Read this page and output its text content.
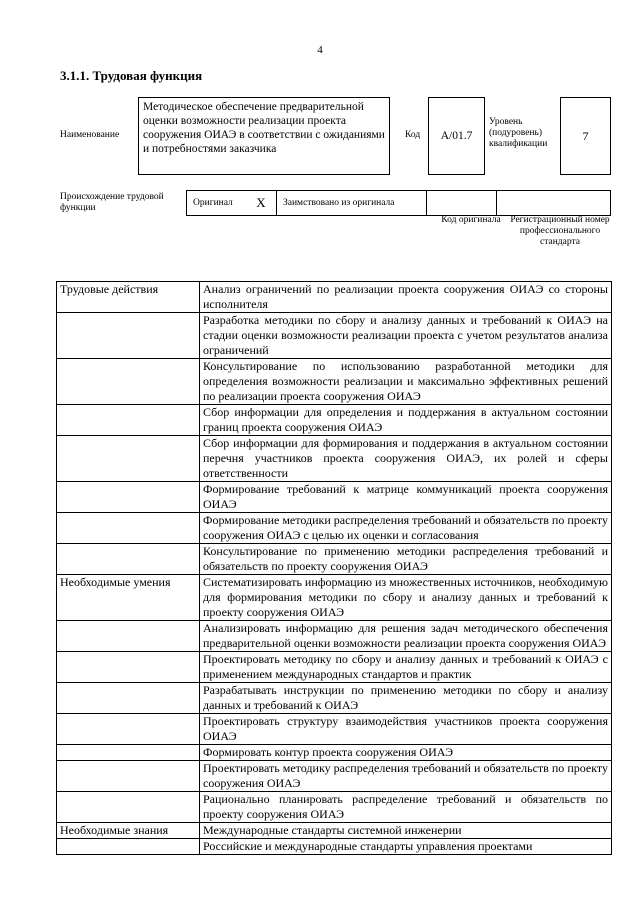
4
3.1.1. Трудовая функция
Наименование
Методическое обеспечение предварительной оценки возможности реализации проекта сооружения ОИАЭ в соответствии с ожиданиями и потребностями заказчика
Код	A/01.7
Уровень (подуровень) квалификации
7
Происхождение трудовой функции	Оригинал	X	Заимствовано из оригинала
Код оригинала Регистрационный номер профессионального стандарта
Трудовые действия	Анализ ограничений по реализации проекта сооружения ОИАЭ со стороны исполнителя
	Разработка методики по сбору и анализу данных и требований к ОИАЭ на стадии оценки возможности реализации проекта с учетом результатов анализа ограничений
	Консультирование по использованию разработанной методики для определения возможности реализации и максимально эффективных решений по реализации проекта сооружения ОИАЭ
	Сбор информации для определения и поддержания в актуальном состоянии границ проекта сооружения ОИАЭ
	Сбор информации для формирования и поддержания в актуальном состоянии перечня участников проекта сооружения ОИАЭ, их ролей и сферы ответственности
	Формирование требований к матрице коммуникаций проекта сооружения ОИАЭ
	Формирование методики распределения требований и обязательств по проекту сооружения ОИАЭ с целью их оценки и согласования
	Консультирование по применению методики распределения требований и обязательств по проекту сооружения ОИАЭ
Необходимые умения	Систематизировать информацию из множественных источников, необходимую для формирования методики по сбору и анализу данных и требований к проекту сооружения ОИАЭ
	Анализировать информацию для решения задач методического обеспечения предварительной оценки возможности реализации проекта сооружения ОИАЭ
	Проектировать методику по сбору и анализу данных и требований к ОИАЭ с применением международных стандартов и практик
	Разрабатывать инструкции по применению методики по сбору и анализу данных и требований к ОИАЭ
	Проектировать структуру взаимодействия участников проекта сооружения ОИАЭ
	Формировать контур проекта сооружения ОИАЭ
	Проектировать методику распределения требований и обязательств по проекту сооружения ОИАЭ
	Рационально планировать распределение требований и обязательств по проекту сооружения ОИАЭ
Необходимые знания	Международные стандарты системной инженерии
	Российские и международные стандарты управления проектами
